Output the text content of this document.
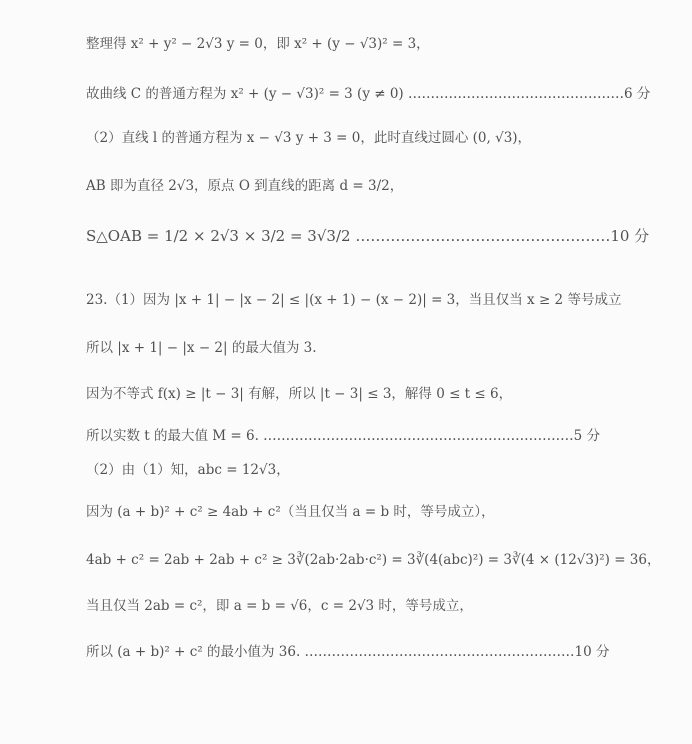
整理得 x² + y² − 2√3 y = 0，即 x² + (y − √3)² = 3，
故曲线 C 的普通方程为 x² + (y − √3)² = 3 (y ≠ 0) …………………………………………6 分
（2）直线 l 的普通方程为 x − √3 y + 3 = 0，此时直线过圆心 (0, √3)，
AB 即为直径 2√3，原点 O 到直线的距离 d = 3/2，
S△OAB = 1/2 × 2√3 × 3/2 = 3√3/2 ……………………………………………10 分
23.（1）因为 |x + 1| − |x − 2| ≤ |(x + 1) − (x − 2)| = 3，当且仅当 x ≥ 2 等号成立
所以 |x + 1| − |x − 2| 的最大值为 3.
因为不等式 f(x) ≥ |t − 3| 有解，所以 |t − 3| ≤ 3，解得 0 ≤ t ≤ 6，
所以实数 t 的最大值 M = 6. ……………………………………………………………5 分
（2）由（1）知，abc = 12√3，
因为 (a + b)² + c² ≥ 4ab + c²（当且仅当 a = b 时，等号成立），
4ab + c² = 2ab + 2ab + c² ≥ 3∛(2ab·2ab·c²) = 3∛(4(abc)²) = 3∛(4 × (12√3)²) = 36，
当且仅当 2ab = c²，即 a = b = √6，c = 2√3 时，等号成立，
所以 (a + b)² + c² 的最小值为 36. ……………………………………………………10 分
